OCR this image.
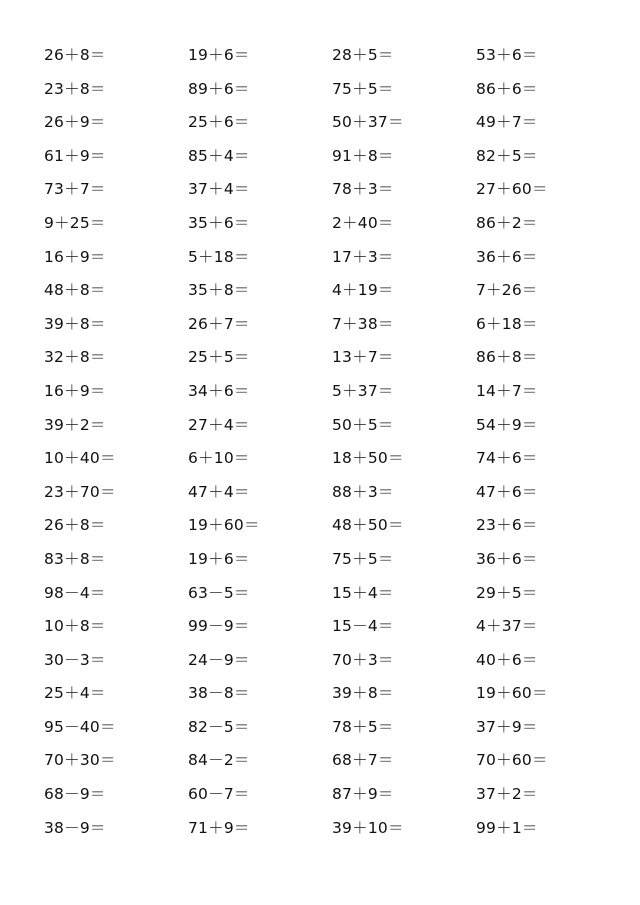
26＋8＝	19＋6＝	28＋5＝	53＋6＝
23＋8＝	89＋6＝	75＋5＝	86＋6＝
26＋9＝	25＋6＝	50＋37＝	49＋7＝
61＋9＝	85＋4＝	91＋8＝	82＋5＝
73＋7＝	37＋4＝	78＋3＝	27＋60＝
9＋25＝	35＋6＝	2＋40＝	86＋2＝
16＋9＝	5＋18＝	17＋3＝	36＋6＝
48＋8＝	35＋8＝	4＋19＝	7＋26＝
39＋8＝	26＋7＝	7＋38＝	6＋18＝
32＋8＝	25＋5＝	13＋7＝	86＋8＝
16＋9＝	34＋6＝	5＋37＝	14＋7＝
39＋2＝	27＋4＝	50＋5＝	54＋9＝
10＋40＝	6＋10＝	18＋50＝	74＋6＝
23＋70＝	47＋4＝	88＋3＝	47＋6＝
26＋8＝	19＋60＝	48＋50＝	23＋6＝
83＋8＝	19＋6＝	75＋5＝	36＋6＝
98－4＝	63－5＝	15＋4＝	29＋5＝
10＋8＝	99－9＝	15－4＝	4＋37＝
30－3＝	24－9＝	70＋3＝	40＋6＝
25＋4＝	38－8＝	39＋8＝	19＋60＝
95－40＝	82－5＝	78＋5＝	37＋9＝
70＋30＝	84－2＝	68＋7＝	70＋60＝
68－9＝	60－7＝	87＋9＝	37＋2＝
38－9＝	71＋9＝	39＋10＝	99＋1＝
